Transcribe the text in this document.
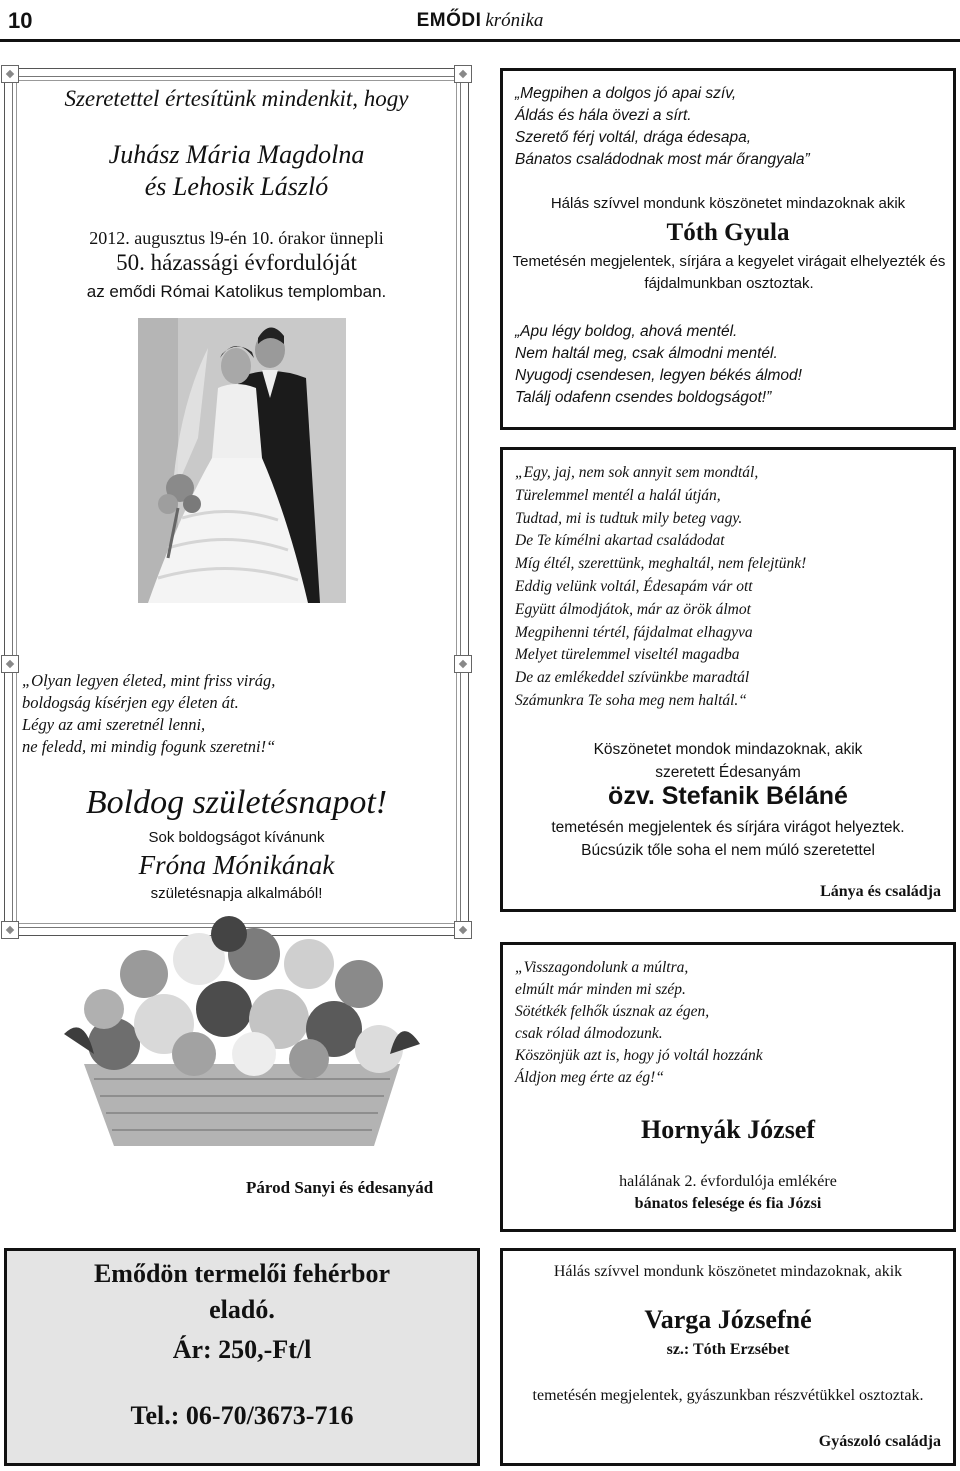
10	EMŐDI krónika
Szeretettel értesítünk mindenkit, hogy
Juhász Mária Magdolna
és Lehosik László
2012. augusztus l9-én 10. órakor ünnepli
50. házassági évfordulóját
az emődi Római Katolikus templomban.
„Olyan legyen életed, mint friss virág,
boldogság kísérjen egy életen át.
Légy az ami szeretnél lenni,
ne feledd, mi mindig fogunk szeretni!“
Boldog születésnapot!
Sok boldogságot kívánunk
Fróna Mónikának
születésnapja alkalmából!
Párod Sanyi és édesanyád
„Megpihen a dolgos jó apai szív,
Áldás és hála övezi a sírt.
Szerető férj voltál, drága édesapa,
Bánatos családodnak most már őrangyala”
Hálás szívvel mondunk köszönetet mindazoknak akik
Tóth Gyula
Temetésén megjelentek, sírjára a kegyelet virágait elhelyezték és fájdalmunkban osztoztak.
„Apu légy boldog, ahová mentél.
Nem haltál meg, csak álmodni mentél.
Nyugodj csendesen, legyen békés álmod!
Találj odafenn csendes boldogságot!”
„Egy, jaj, nem sok annyit sem mondtál,
Türelemmel mentél a halál útján,
Tudtad, mi is tudtuk mily beteg vagy.
De Te kímélni akartad családodat
Míg éltél, szerettünk, meghaltál, nem felejtünk!
Eddig velünk voltál, Édesapám vár ott
Együtt álmodjátok, már az örök álmot
Megpihenni tértél, fájdalmat elhagyva
Melyet türelemmel viseltél magadba
De az emlékeddel szívünkbe maradtál
Számunkra Te soha meg nem haltál.“
Köszönetet mondok mindazoknak, akik
szeretett Édesanyám
özv. Stefanik Béláné
temetésén megjelentek és sírjára virágot helyeztek.
Búcsúzik tőle soha el nem múló szeretettel
Lánya és családja
„Visszagondolunk a múltra,
elmúlt már minden mi szép.
Sötétkék felhők úsznak az égen,
csak rólad álmodozunk.
Köszönjük azt is, hogy jó voltál hozzánk
Áldjon meg érte az ég!“
Hornyák József
halálának 2. évfordulója emlékére
bánatos felesége és fia Józsi
Hálás szívvel mondunk köszönetet mindazoknak, akik
Varga Józsefné
sz.: Tóth Erzsébet
temetésén megjelentek, gyászunkban részvétükkel osztoztak.
Gyászoló családja
Emődön termelői fehérbor
eladó.
Ár: 250,-Ft/l
Tel.: 06-70/3673-716
